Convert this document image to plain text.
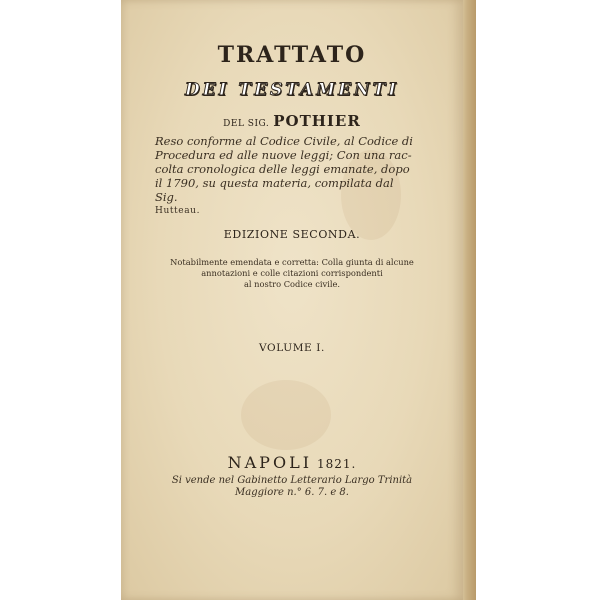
TRATTATO
DEI TESTAMENTI
DEL SIG. POTHIER
Reso conforme al Codice Civile, al Codice di
Procedura ed alle nuove leggi; Con una rac-
colta cronologica delle leggi emanate, dopo
il 1790, su questa materia, compilata dal
Sig.
Hutteau.
EDIZIONE SECONDA.
Notabilmente emendata e corretta: Colla giunta di alcune
annotazioni e colle citazioni corrispondenti
al nostro Codice civile.
VOLUME I.
NAPOLI 1821.
Si vende nel Gabinetto Letterario Largo Trinità
Maggiore n.° 6. 7. e 8.
